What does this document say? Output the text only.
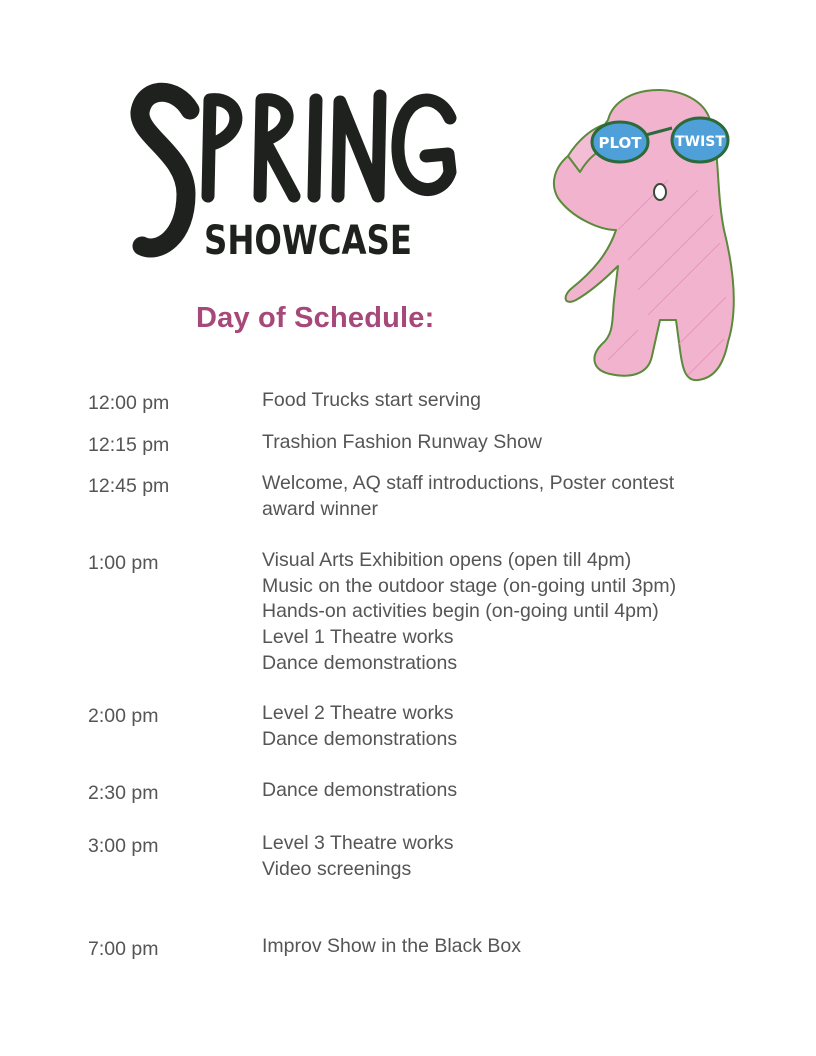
SHOWCASE
PLOT TWIST
Day of Schedule:
12:00 pm	Food Trucks start serving
12:15 pm	Trashion Fashion Runway Show
12:45 pm	Welcome, AQ staff introductions, Poster contest award winner
1:00 pm	Visual Arts Exhibition opens (open till 4pm)
Music on the outdoor stage (on-going until 3pm)
Hands-on activities begin (on-going until 4pm)
Level 1 Theatre works
Dance demonstrations
2:00 pm	Level 2 Theatre works
Dance demonstrations
2:30 pm	Dance demonstrations
3:00 pm	Level 3 Theatre works
Video screenings
7:00 pm	Improv Show in the Black Box
